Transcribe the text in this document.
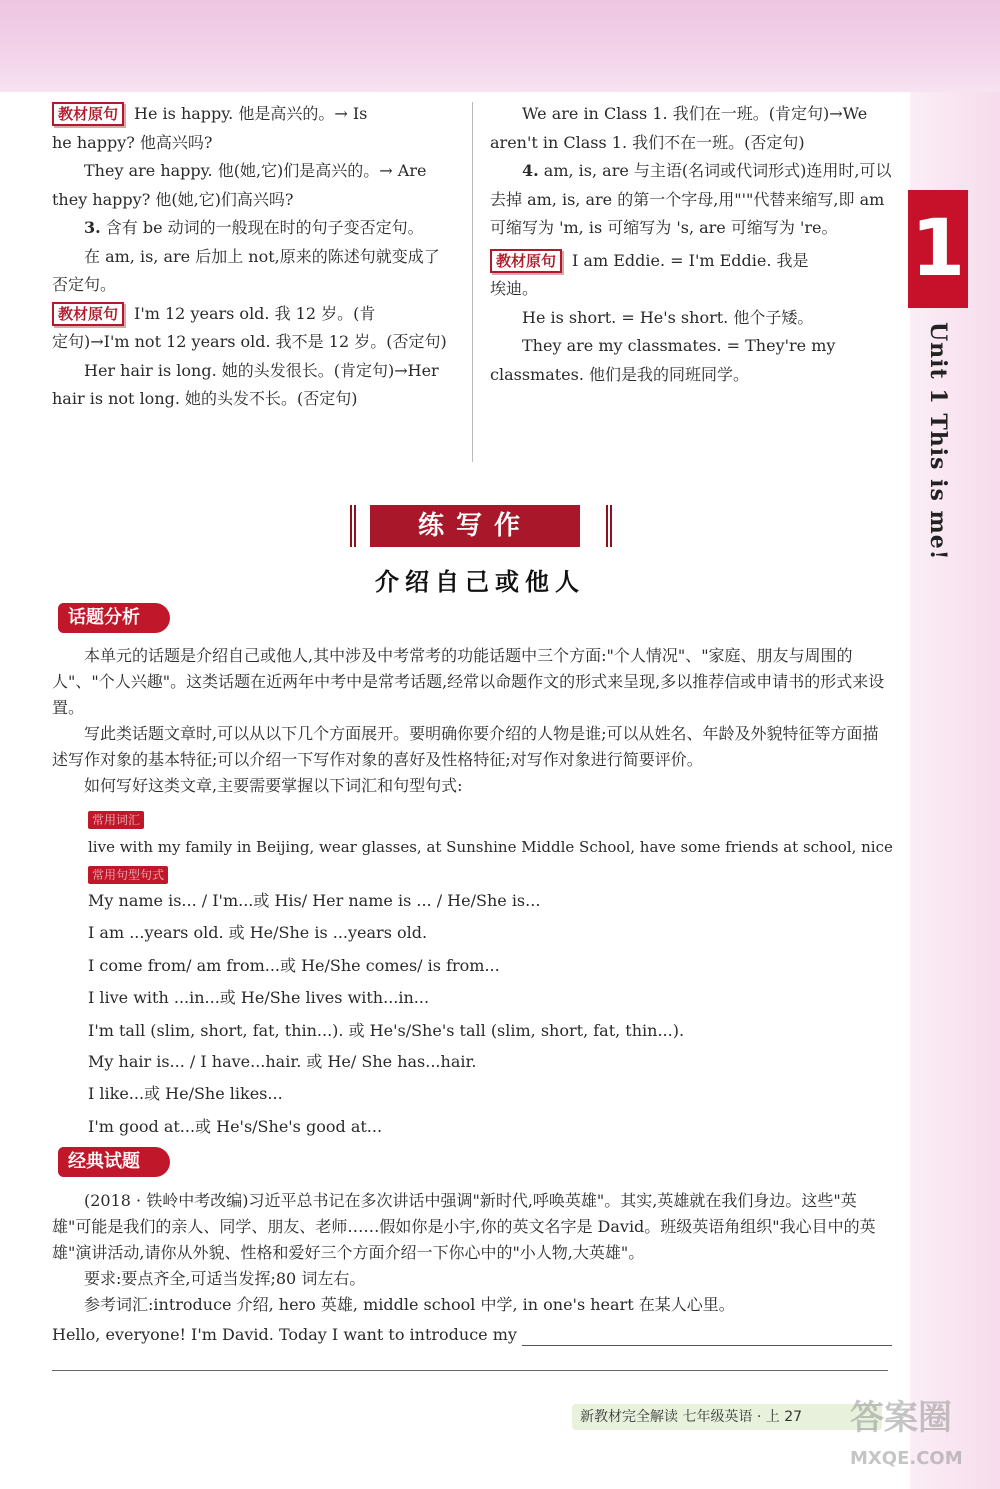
教材原句 He is happy. 他是高兴的。→ Is

he happy? 他高兴吗?

They are happy. 他(她,它)们是高兴的。→ Are

they happy? 他(她,它)们高兴吗?

3. 含有 be 动词的一般现在时的句子变否定句。

在 am, is, are 后加上 not,原来的陈述句就变成了否定句。

教材原句 I'm 12 years old. 我 12 岁。(肯

定句)→I'm not 12 years old. 我不是 12 岁。(否定句)

Her hair is long. 她的头发很长。(肯定句)→Her hair is not long. 她的头发不长。(否定句)

We are in Class 1. 我们在一班。(肯定句)→We aren't in Class 1. 我们不在一班。(否定句)

4. am, is, are 与主语(名词或代词形式)连用时,可以去掉 am, is, are 的第一个字母,用"'"代替来缩写,即 am 可缩写为 'm, is 可缩写为 's, are 可缩写为 're。

教材原句 I am Eddie. = I'm Eddie. 我是

埃迪。

He is short. = He's short. 他个子矮。

They are my classmates. = They're my classmates. 他们是我的同班同学。

1
Unit 1 This is me!
练写作
介绍自己或他人
话题分析

本单元的话题是介绍自己或他人,其中涉及中考常考的功能话题中三个方面:"个人情况"、"家庭、朋友与周围的人"、"个人兴趣"。这类话题在近两年中考中是常考话题,经常以命题作文的形式来呈现,多以推荐信或申请书的形式来设置。

写此类话题文章时,可以从以下几个方面展开。要明确你要介绍的人物是谁;可以从姓名、年龄及外貌特征等方面描述写作对象的基本特征;可以介绍一下写作对象的喜好及性格特征;对写作对象进行简要评价。

如何写好这类文章,主要需要掌握以下词汇和句型句式:

常用词汇
live with my family in Beijing, wear glasses, at Sunshine Middle School, have some friends at school, nice
常用句型句式
My name is... / I'm...或 His/ Her name is ... / He/She is...
I am ...years old. 或 He/She is ...years old.
I come from/ am from...或 He/She comes/ is from...
I live with ...in...或 He/She lives with...in...
I'm tall (slim, short, fat, thin...). 或 He's/She's tall (slim, short, fat, thin...).
My hair is... / I have...hair. 或 He/ She has...hair.
I like...或 He/She likes...
I'm good at...或 He's/She's good at...
经典试题

(2018 · 铁岭中考改编)习近平总书记在多次讲话中强调"新时代,呼唤英雄"。其实,英雄就在我们身边。这些"英雄"可能是我们的亲人、同学、朋友、老师……假如你是小宇,你的英文名字是 David。班级英语角组织"我心目中的英雄"演讲活动,请你从外貌、性格和爱好三个方面介绍一下你心中的"小人物,大英雄"。

要求:要点齐全,可适当发挥;80 词左右。

参考词汇:introduce 介绍, hero 英雄, middle school 中学, in one's heart 在某人心里。

Hello, everyone! I'm David. Today I want to introduce my
新教材完全解读 七年级英语 · 上 27	答案圈
MXQE.COM
